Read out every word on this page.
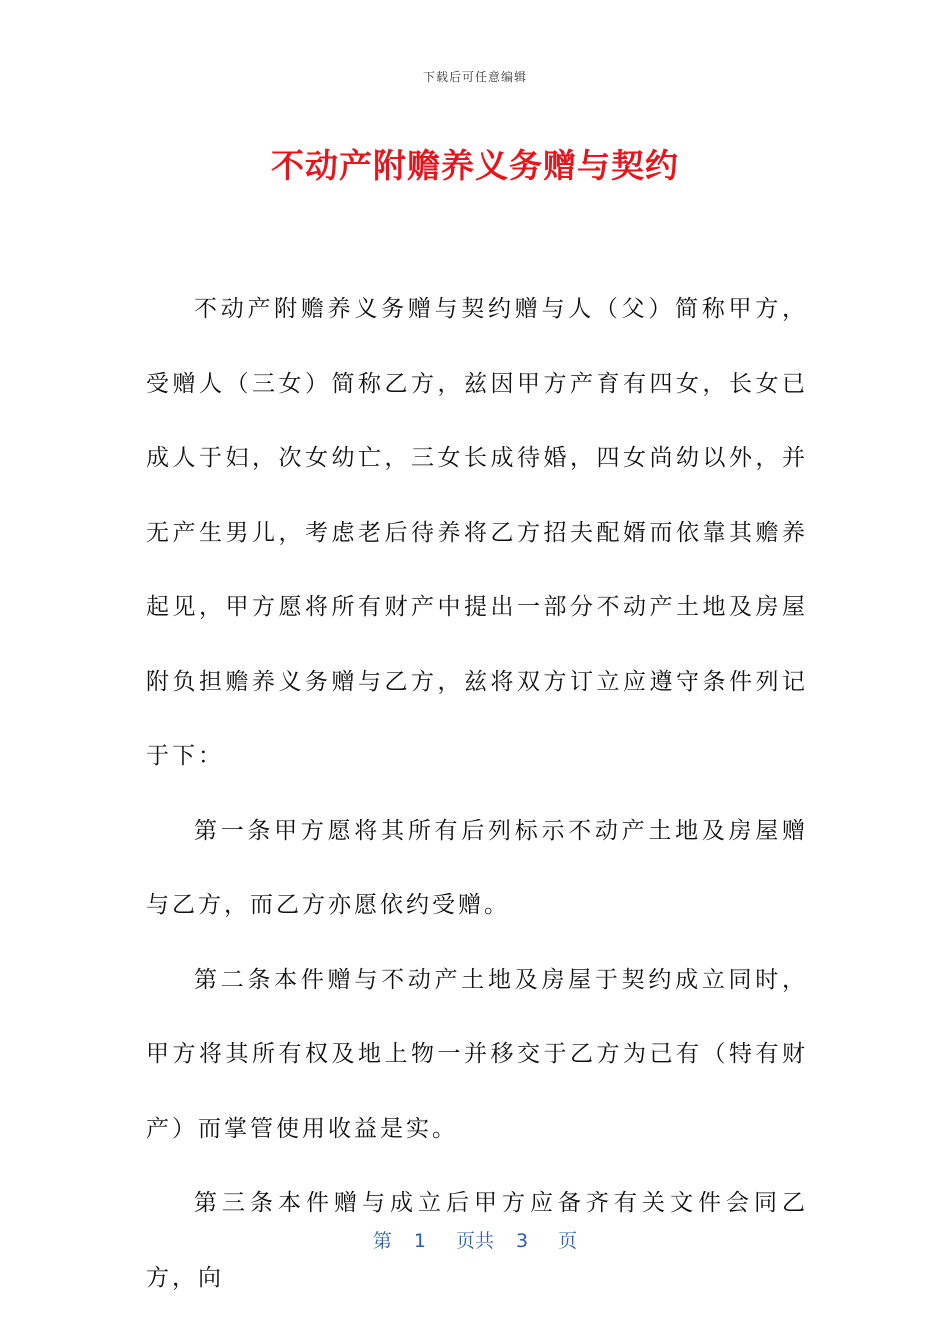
下载后可任意编辑
不动产附赡养义务赠与契约

不动产附赡养义务赠与契约赠与人（父）简称甲方，受赠人（三女）简称乙方，兹因甲方产育有四女，长女已成人于妇，次女幼亡，三女长成待婚，四女尚幼以外，并无产生男儿，考虑老后待养将乙方招夫配婿而依靠其赡养起见，甲方愿将所有财产中提出一部分不动产土地及房屋附负担赡养义务赠与乙方，兹将双方订立应遵守条件列记于下：

第一条甲方愿将其所有后列标示不动产土地及房屋赠与乙方，而乙方亦愿依约受赠。

第二条本件赠与不动产土地及房屋于契约成立同时，甲方将其所有权及地上物一并移交于乙方为己有（特有财产）而掌管使用收益是实。

第三条本件赠与成立后甲方应备齐有关文件会同乙方，向

第 1 页共 3 页
